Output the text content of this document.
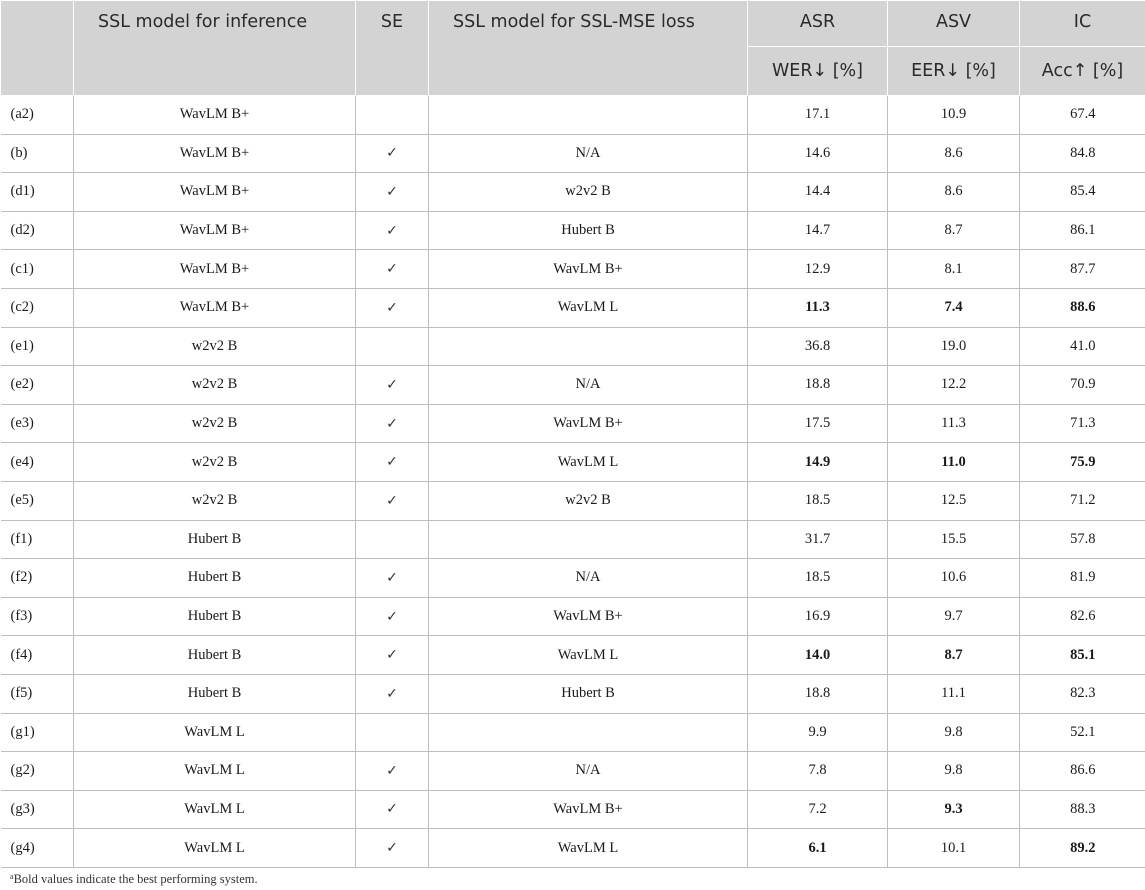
	SSL model for inference	SE	SSL model for SSL-MSE loss	ASR	ASV	IC
				WER↓ [%]	EER↓ [%]	Acc↑ [%]
(a2)	WavLM B+			17.1	10.9	67.4
(b)	WavLM B+	✓	N/A	14.6	8.6	84.8
(d1)	WavLM B+	✓	w2v2 B	14.4	8.6	85.4
(d2)	WavLM B+	✓	Hubert B	14.7	8.7	86.1
(c1)	WavLM B+	✓	WavLM B+	12.9	8.1	87.7
(c2)	WavLM B+	✓	WavLM L	11.3	7.4	88.6
(e1)	w2v2 B			36.8	19.0	41.0
(e2)	w2v2 B	✓	N/A	18.8	12.2	70.9
(e3)	w2v2 B	✓	WavLM B+	17.5	11.3	71.3
(e4)	w2v2 B	✓	WavLM L	14.9	11.0	75.9
(e5)	w2v2 B	✓	w2v2 B	18.5	12.5	71.2
(f1)	Hubert B			31.7	15.5	57.8
(f2)	Hubert B	✓	N/A	18.5	10.6	81.9
(f3)	Hubert B	✓	WavLM B+	16.9	9.7	82.6
(f4)	Hubert B	✓	WavLM L	14.0	8.7	85.1
(f5)	Hubert B	✓	Hubert B	18.8	11.1	82.3
(g1)	WavLM L			9.9	9.8	52.1
(g2)	WavLM L	✓	N/A	7.8	9.8	86.6
(g3)	WavLM L	✓	WavLM B+	7.2	9.3	88.3
(g4)	WavLM L	✓	WavLM L	6.1	10.1	89.2

$^a$Bold values indicate the best performing system.
